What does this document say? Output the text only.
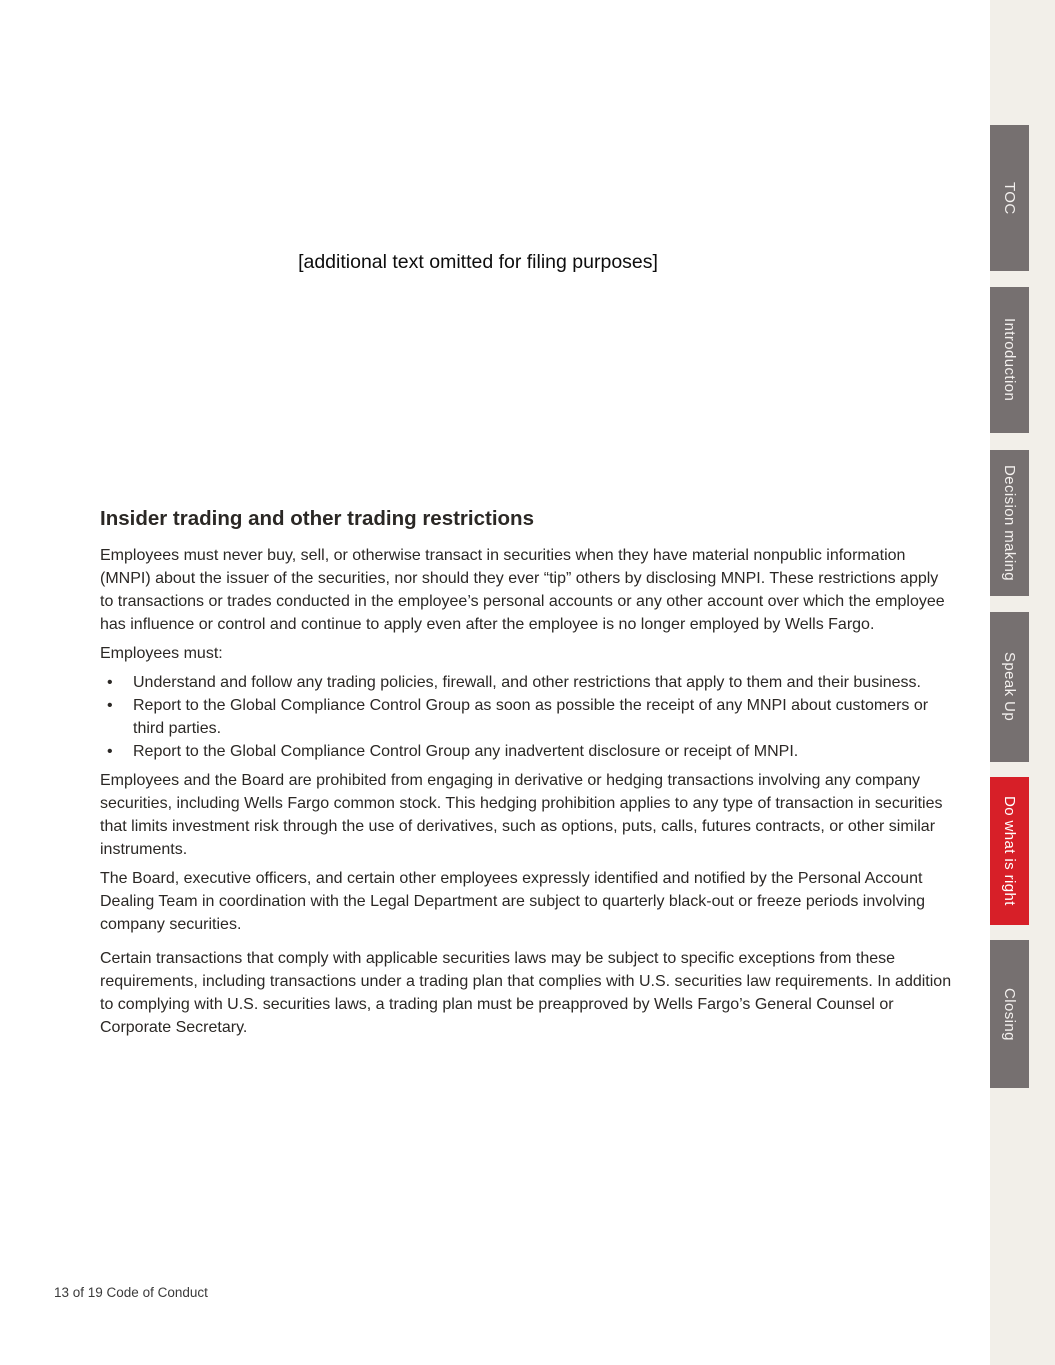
[additional text omitted for filing purposes]
Insider trading and other trading restrictions

Employees must never buy, sell, or otherwise transact in securities when they have material nonpublic information (MNPI) about the issuer of the securities, nor should they ever “tip” others by disclosing MNPI. These restrictions apply to transactions or trades conducted in the employee’s personal accounts or any other account over which the employee has influence or control and continue to apply even after the employee is no longer employed by Wells Fargo.

Employees must:

• Understand and follow any trading policies, firewall, and other restrictions that apply to them and their business.
• Report to the Global Compliance Control Group as soon as possible the receipt of any MNPI about customers or third parties.
• Report to the Global Compliance Control Group any inadvertent disclosure or receipt of MNPI.

Employees and the Board are prohibited from engaging in derivative or hedging transactions involving any company securities, including Wells Fargo common stock. This hedging prohibition applies to any type of transaction in securities that limits investment risk through the use of derivatives, such as options, puts, calls, futures contracts, or other similar instruments.

The Board, executive officers, and certain other employees expressly identified and notified by the Personal Account Dealing Team in coordination with the Legal Department are subject to quarterly black-out or freeze periods involving company securities.

Certain transactions that comply with applicable securities laws may be subject to specific exceptions from these requirements, including transactions under a trading plan that complies with U.S. securities law requirements. In addition to complying with U.S. securities laws, a trading plan must be preapproved by Wells Fargo’s General Counsel or Corporate Secretary.

13 of 19 Code of Conduct
TOC
Introduction
Decision making
Speak Up
Do what is right
Closing
